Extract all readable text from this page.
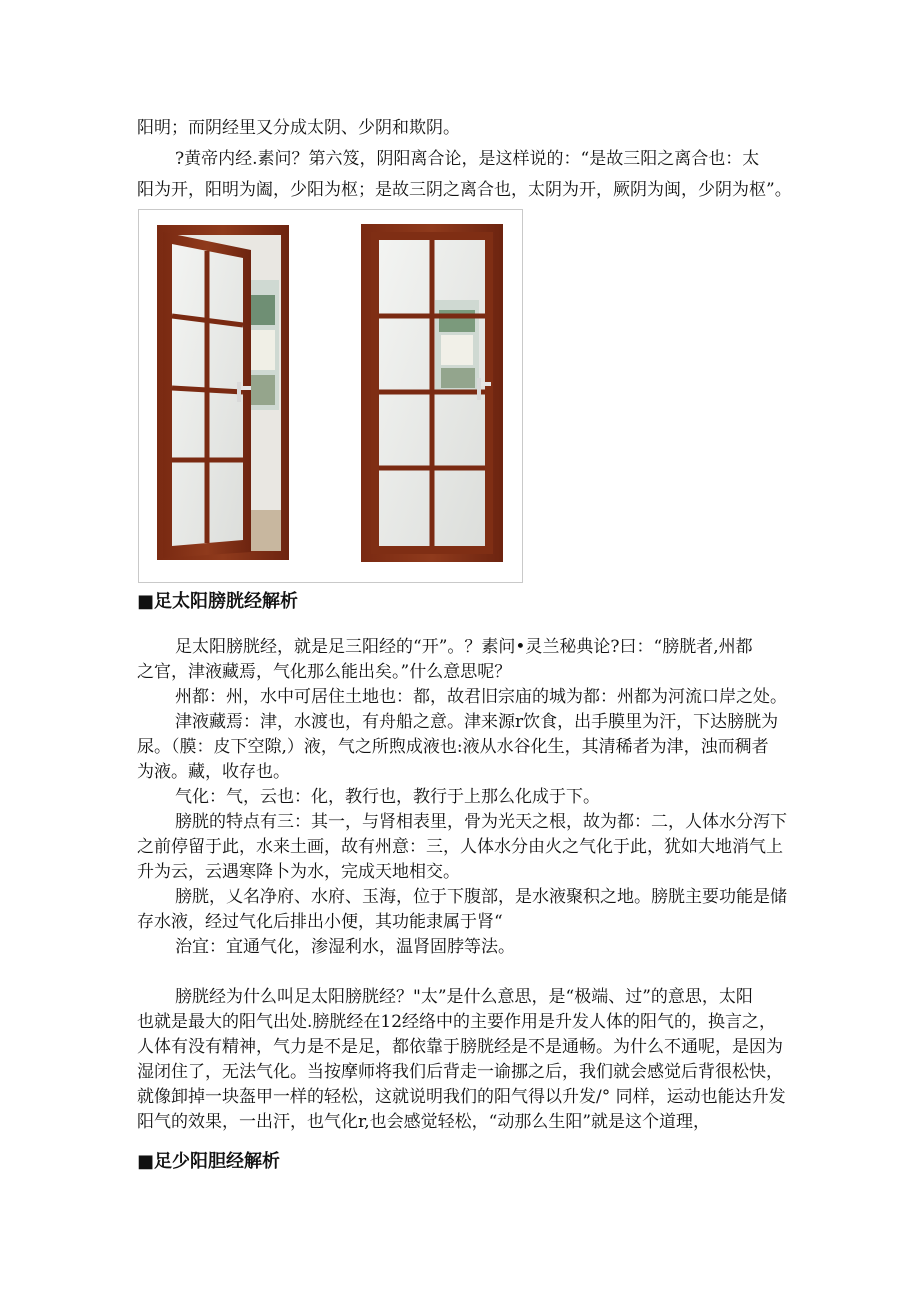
阳明；而阴经里又分成太阴、少阴和欺阴。
?黄帝内经.素问？第六笈，阴阳离合论，是这样说的：“是故三阳之离合也：太
阳为开，阳明为阖，少阳为枢；是故三阴之离合也，太阴为开，厥阴为闽，少阴为枢”。
■足太阳膀胱经解析
足太阳膀胱经，就是足三阳经的“开”。？素问•灵兰秘典论?曰：“膀胱者,州都
之官，津液藏焉，气化那么能出矣。”什么意思呢？
州都：州，水中可居住土地也：都，故君旧宗庙的城为都：州都为河流口岸之处。
津液藏焉：津，水渡也，有舟船之意。津来源r饮食，出手膜里为汗，下达膀胱为
尿。（膜：皮下空隙,）液，气之所煦成液也:液从水谷化生，其清稀者为津，浊而稠者
为液。藏，收存也。
气化：气，云也：化，教行也，教行于上那么化成于下。
膀胱的特点有三：其一，与肾相表里，骨为光天之根，故为都：二，人体水分泻下
之前停留于此，水来土画，故有州意：三，人体水分由火之气化于此，犹如大地消气上
升为云，云遇寒降卜为水，完成天地相交。
膀胱，乂名净府、水府、玉海，位于下腹部，是水液聚积之地。膀胱主要功能是储
存水液，经过气化后排出小便，其功能隶属于肾“
治宜：宜通气化，渗湿利水，温肾固脖等法。
膀胱经为什么叫足太阳膀胱经？"太”是什么意思，是“极端、过”的意思，太阳
也就是最大的阳气出处.膀胱经在12经络中的主要作用是升发人体的阳气的，换言之，
人体有没有精神，气力是不是足，都依靠于膀胱经是不是通畅。为什么不通呢，是因为
湿闭住了，无法气化。当按摩师将我们后背走一谕挪之后，我们就会感觉后背很松快，
就像卸掉一块盔甲一样的轻松，这就说明我们的阳气得以升发/° 同样，运动也能达升发
阳气的效果，一出汗，也气化r,也会感觉轻松，“动那么生阳”就是这个道理，
■足少阳胆经解析
